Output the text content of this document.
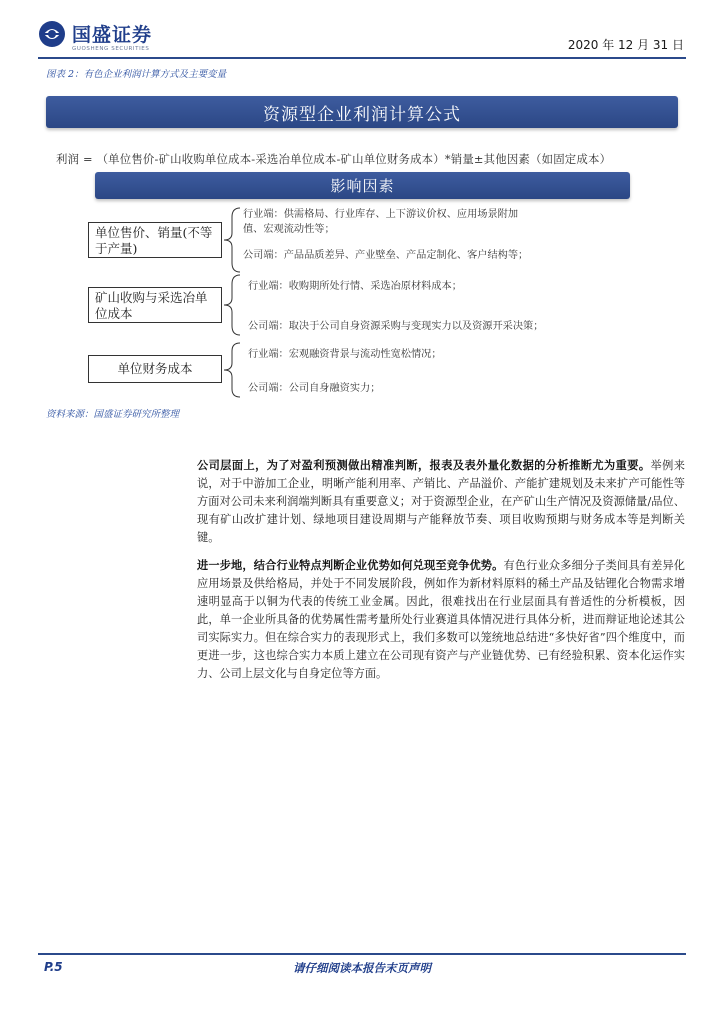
国盛证券
GUOSHENG SECURITIES	2020 年 12 月 31 日
图表 2：有色企业利润计算方式及主要变量
资源型企业利润计算公式
利润 = （单位售价-矿山收购单位成本-采选冶单位成本-矿山单位财务成本）*销量±其他因素（如固定成本）
影响因素
单位售价、销量(不等于产量)
行业端：供需格局、行业库存、上下游议价权、应用场景附加
值、宏观流动性等；
公司端：产品品质差异、产业壁垒、产品定制化、客户结构等；
矿山收购与采选冶单位成本
行业端：收购期所处行情、采选冶原材料成本；
公司端：取决于公司自身资源采购与变现实力以及资源开采决策；
单位财务成本
行业端：宏观融资背景与流动性宽松情况；
公司端：公司自身融资实力；
资料来源：国盛证券研究所整理
公司层面上，为了对盈利预测做出精准判断，报表及表外量化数据的分析推断尤为重要。举例来说，对于中游加工企业，明晰产能利用率、产销比、产品溢价、产能扩建规划及未来扩产可能性等方面对公司未来利润端判断具有重要意义；对于资源型企业，在产矿山生产情况及资源储量/品位、现有矿山改扩建计划、绿地项目建设周期与产能释放节奏、项目收购预期与财务成本等是判断关键。
进一步地，结合行业特点判断企业优势如何兑现至竞争优势。有色行业众多细分子类间具有差异化应用场景及供给格局，并处于不同发展阶段，例如作为新材料原料的稀土产品及钴锂化合物需求增速明显高于以铜为代表的传统工业金属。因此，很难找出在行业层面具有普适性的分析模板，因此，单一企业所具备的优势属性需考量所处行业赛道具体情况进行具体分析，进而辩证地论述其公司实际实力。但在综合实力的表现形式上，我们多数可以笼统地总结进“多快好省”四个维度中，而更进一步，这也综合实力本质上建立在公司现有资产与产业链优势、已有经验积累、资本化运作实力、公司上层文化与自身定位等方面。
请仔细阅读本报告末页声明
P.5
